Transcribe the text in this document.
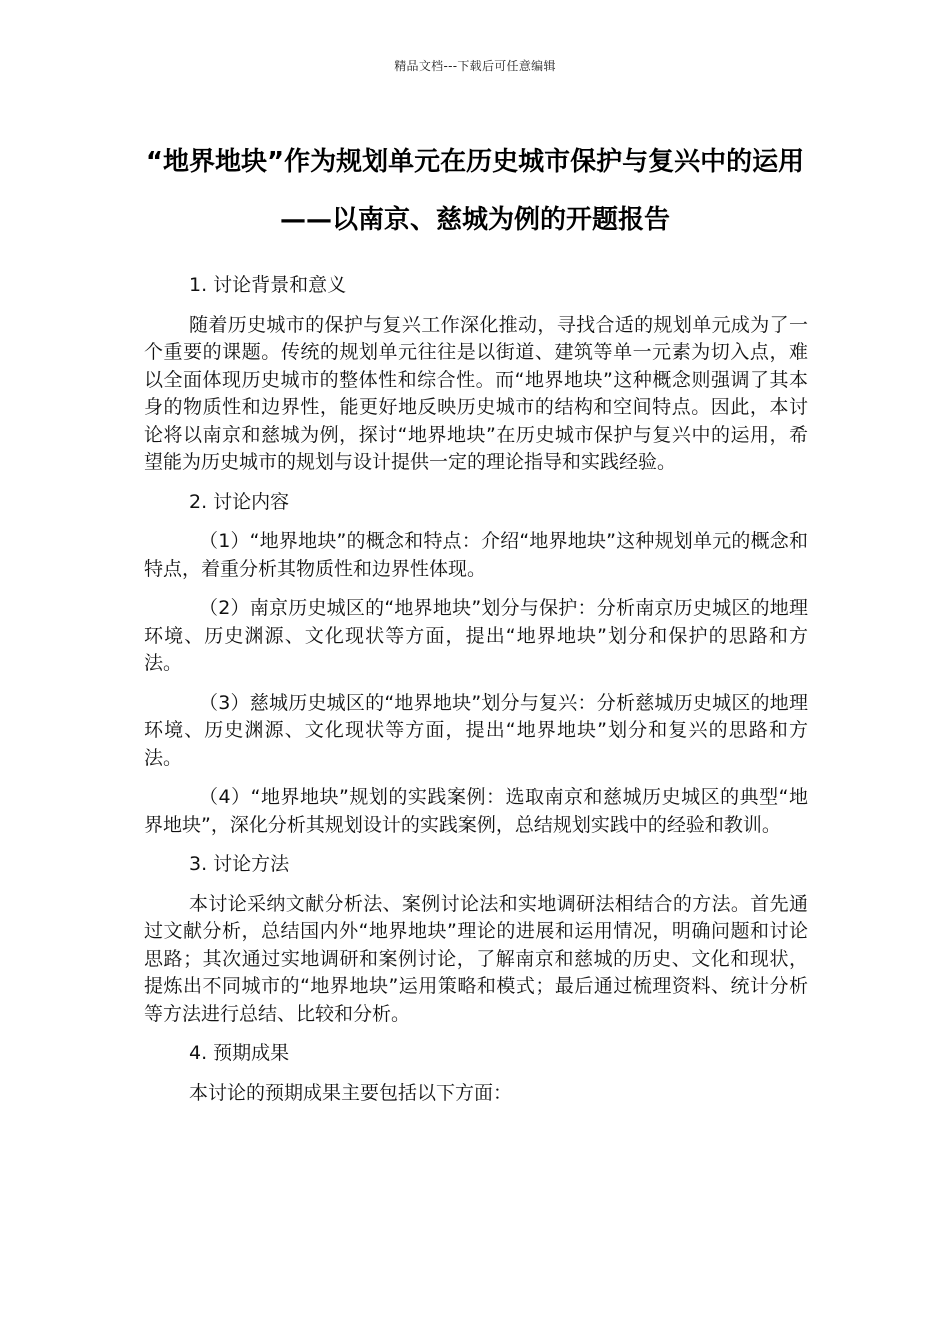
精品文档---下载后可任意编辑
“地界地块”作为规划单元在历史城市保护与复兴中的运用——以南京、慈城为例的开题报告
1. 讨论背景和意义
随着历史城市的保护与复兴工作深化推动，寻找合适的规划单元成为了一个重要的课题。传统的规划单元往往是以街道、建筑等单一元素为切入点，难以全面体现历史城市的整体性和综合性。而“地界地块”这种概念则强调了其本身的物质性和边界性，能更好地反映历史城市的结构和空间特点。因此，本讨论将以南京和慈城为例，探讨“地界地块”在历史城市保护与复兴中的运用，希望能为历史城市的规划与设计提供一定的理论指导和实践经验。
2. 讨论内容
（1）“地界地块”的概念和特点：介绍“地界地块”这种规划单元的概念和特点，着重分析其物质性和边界性体现。
（2）南京历史城区的“地界地块”划分与保护：分析南京历史城区的地理环境、历史渊源、文化现状等方面，提出“地界地块”划分和保护的思路和方法。
（3）慈城历史城区的“地界地块”划分与复兴：分析慈城历史城区的地理环境、历史渊源、文化现状等方面，提出“地界地块”划分和复兴的思路和方法。
（4）“地界地块”规划的实践案例：选取南京和慈城历史城区的典型“地界地块”，深化分析其规划设计的实践案例，总结规划实践中的经验和教训。
3. 讨论方法
本讨论采纳文献分析法、案例讨论法和实地调研法相结合的方法。首先通过文献分析，总结国内外“地界地块”理论的进展和运用情况，明确问题和讨论思路；其次通过实地调研和案例讨论，了解南京和慈城的历史、文化和现状，提炼出不同城市的“地界地块”运用策略和模式；最后通过梳理资料、统计分析等方法进行总结、比较和分析。
4. 预期成果
本讨论的预期成果主要包括以下方面：
